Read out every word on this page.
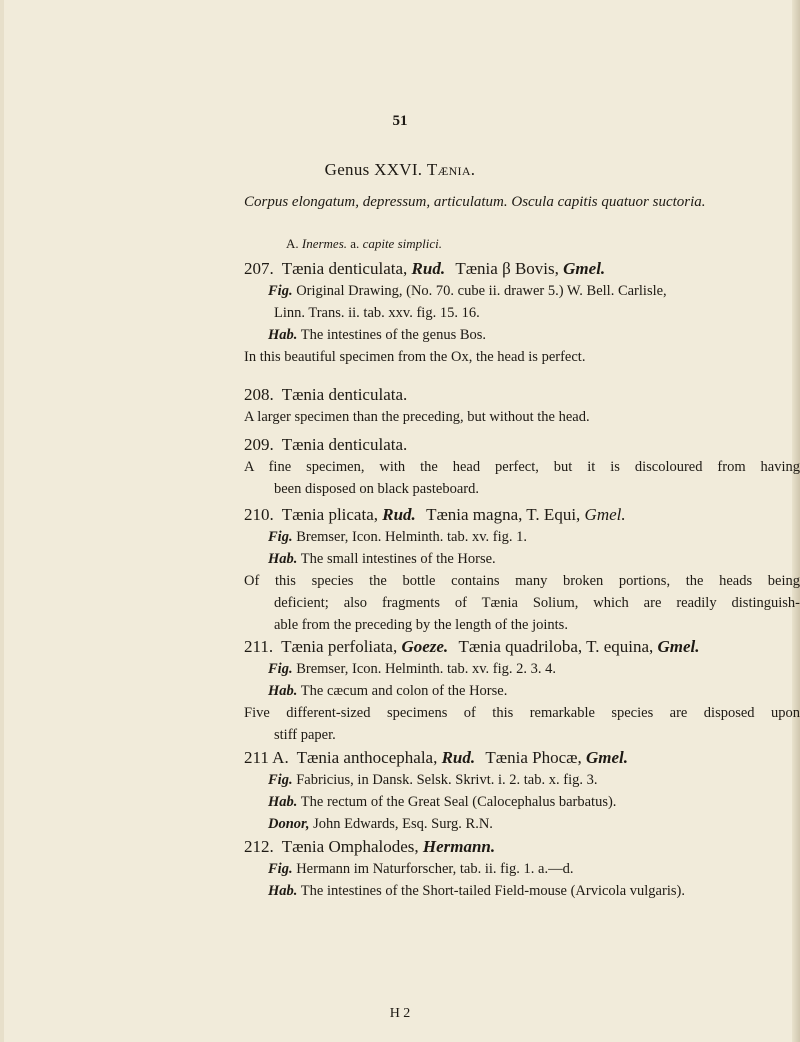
51
Genus XXVI. Tænia.
Corpus elongatum, depressum, articulatum. Oscula capitis quatuor suctoria.
A. Inermes. a. capite simplici.
207. Tænia denticulata, Rud. Tænia β Bovis, Gmel.
Fig. Original Drawing, (No. 70. cube ii. drawer 5.) W. Bell. Carlisle,
Linn. Trans. ii. tab. xxv. fig. 15. 16.
Hab. The intestines of the genus Bos.
In this beautiful specimen from the Ox, the head is perfect.
208. Tænia denticulata.
A larger specimen than the preceding, but without the head.
209. Tænia denticulata.
A fine specimen, with the head perfect, but it is discoloured from having
been disposed on black pasteboard.
210. Tænia plicata, Rud. Tænia magna, T. Equi, Gmel.
Fig. Bremser, Icon. Helminth. tab. xv. fig. 1.
Hab. The small intestines of the Horse.
Of this species the bottle contains many broken portions, the heads being
deficient; also fragments of Tænia Solium, which are readily distinguish-
able from the preceding by the length of the joints.
211. Tænia perfoliata, Goeze. Tænia quadriloba, T. equina, Gmel.
Fig. Bremser, Icon. Helminth. tab. xv. fig. 2. 3. 4.
Hab. The cæcum and colon of the Horse.
Five different-sized specimens of this remarkable species are disposed upon
stiff paper.
211 A. Tænia anthocephala, Rud. Tænia Phocæ, Gmel.
Fig. Fabricius, in Dansk. Selsk. Skrivt. i. 2. tab. x. fig. 3.
Hab. The rectum of the Great Seal (Calocephalus barbatus).
Donor, John Edwards, Esq. Surg. R.N.
212. Tænia Omphalodes, Hermann.
Fig. Hermann im Naturforscher, tab. ii. fig. 1. a.—d.
Hab. The intestines of the Short-tailed Field-mouse (Arvicola vulgaris).
H 2
